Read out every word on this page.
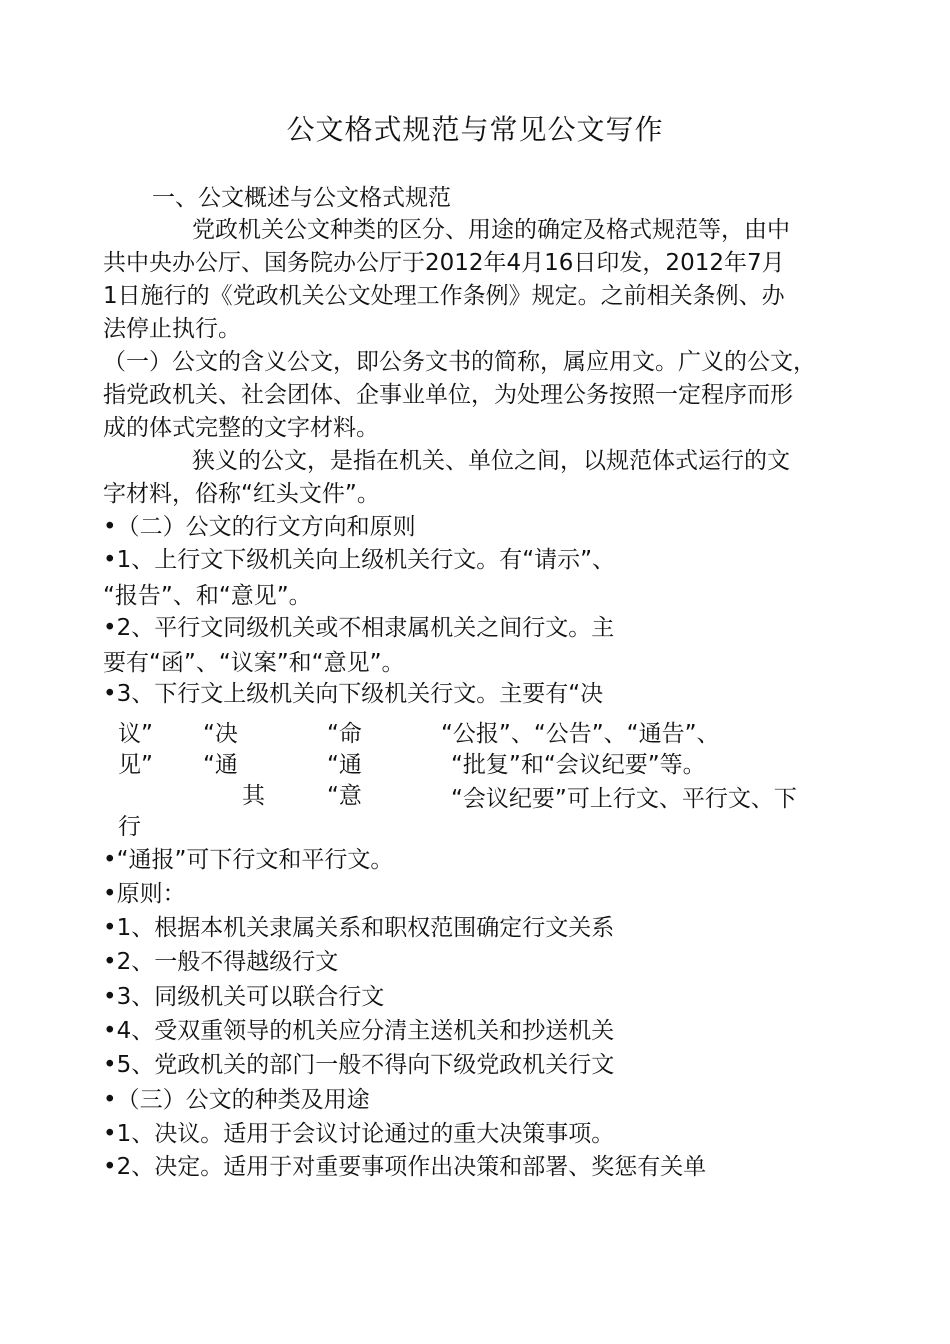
公文格式规范与常见公文写作
一、公文概述与公文格式规范
党政机关公文种类的区分、用途的确定及格式规范等，由中
共中央办公厅、国务院办公厅于2012年4月16日印发，2012年7月
1日施行的《党政机关公文处理工作条例》规定。之前相关条例、办
法停止执行。
（一）公文的含义公文，即公务文书的简称，属应用文。广义的公文，
指党政机关、社会团体、企事业单位，为处理公务按照一定程序而形
成的体式完整的文字材料。
狭义的公文，是指在机关、单位之间，以规范体式运行的文
字材料，俗称“红头文件”。
•（二）公文的行文方向和原则
•1、上行文下级机关向上级机关行文。有“请示”、
“报告”、和“意见”。
•2、平行文同级机关或不相隶属机关之间行文。主
要有“函”、“议案”和“意见”。
•3、下行文上级机关向下级机关行文。主要有“决
议”
见”
“决
“通
其
“命
“通
“意
“公报”、“公告”、“通告”、
“批复”和“会议纪要”等。
“会议纪要”可上行文、平行文、下
行
•“通报”可下行文和平行文。
•原则：
•1、根据本机关隶属关系和职权范围确定行文关系
•2、一般不得越级行文
•3、同级机关可以联合行文
•4、受双重领导的机关应分清主送机关和抄送机关
•5、党政机关的部门一般不得向下级党政机关行文
•（三）公文的种类及用途
•1、决议。适用于会议讨论通过的重大决策事项。
•2、决定。适用于对重要事项作出决策和部署、奖惩有关单
